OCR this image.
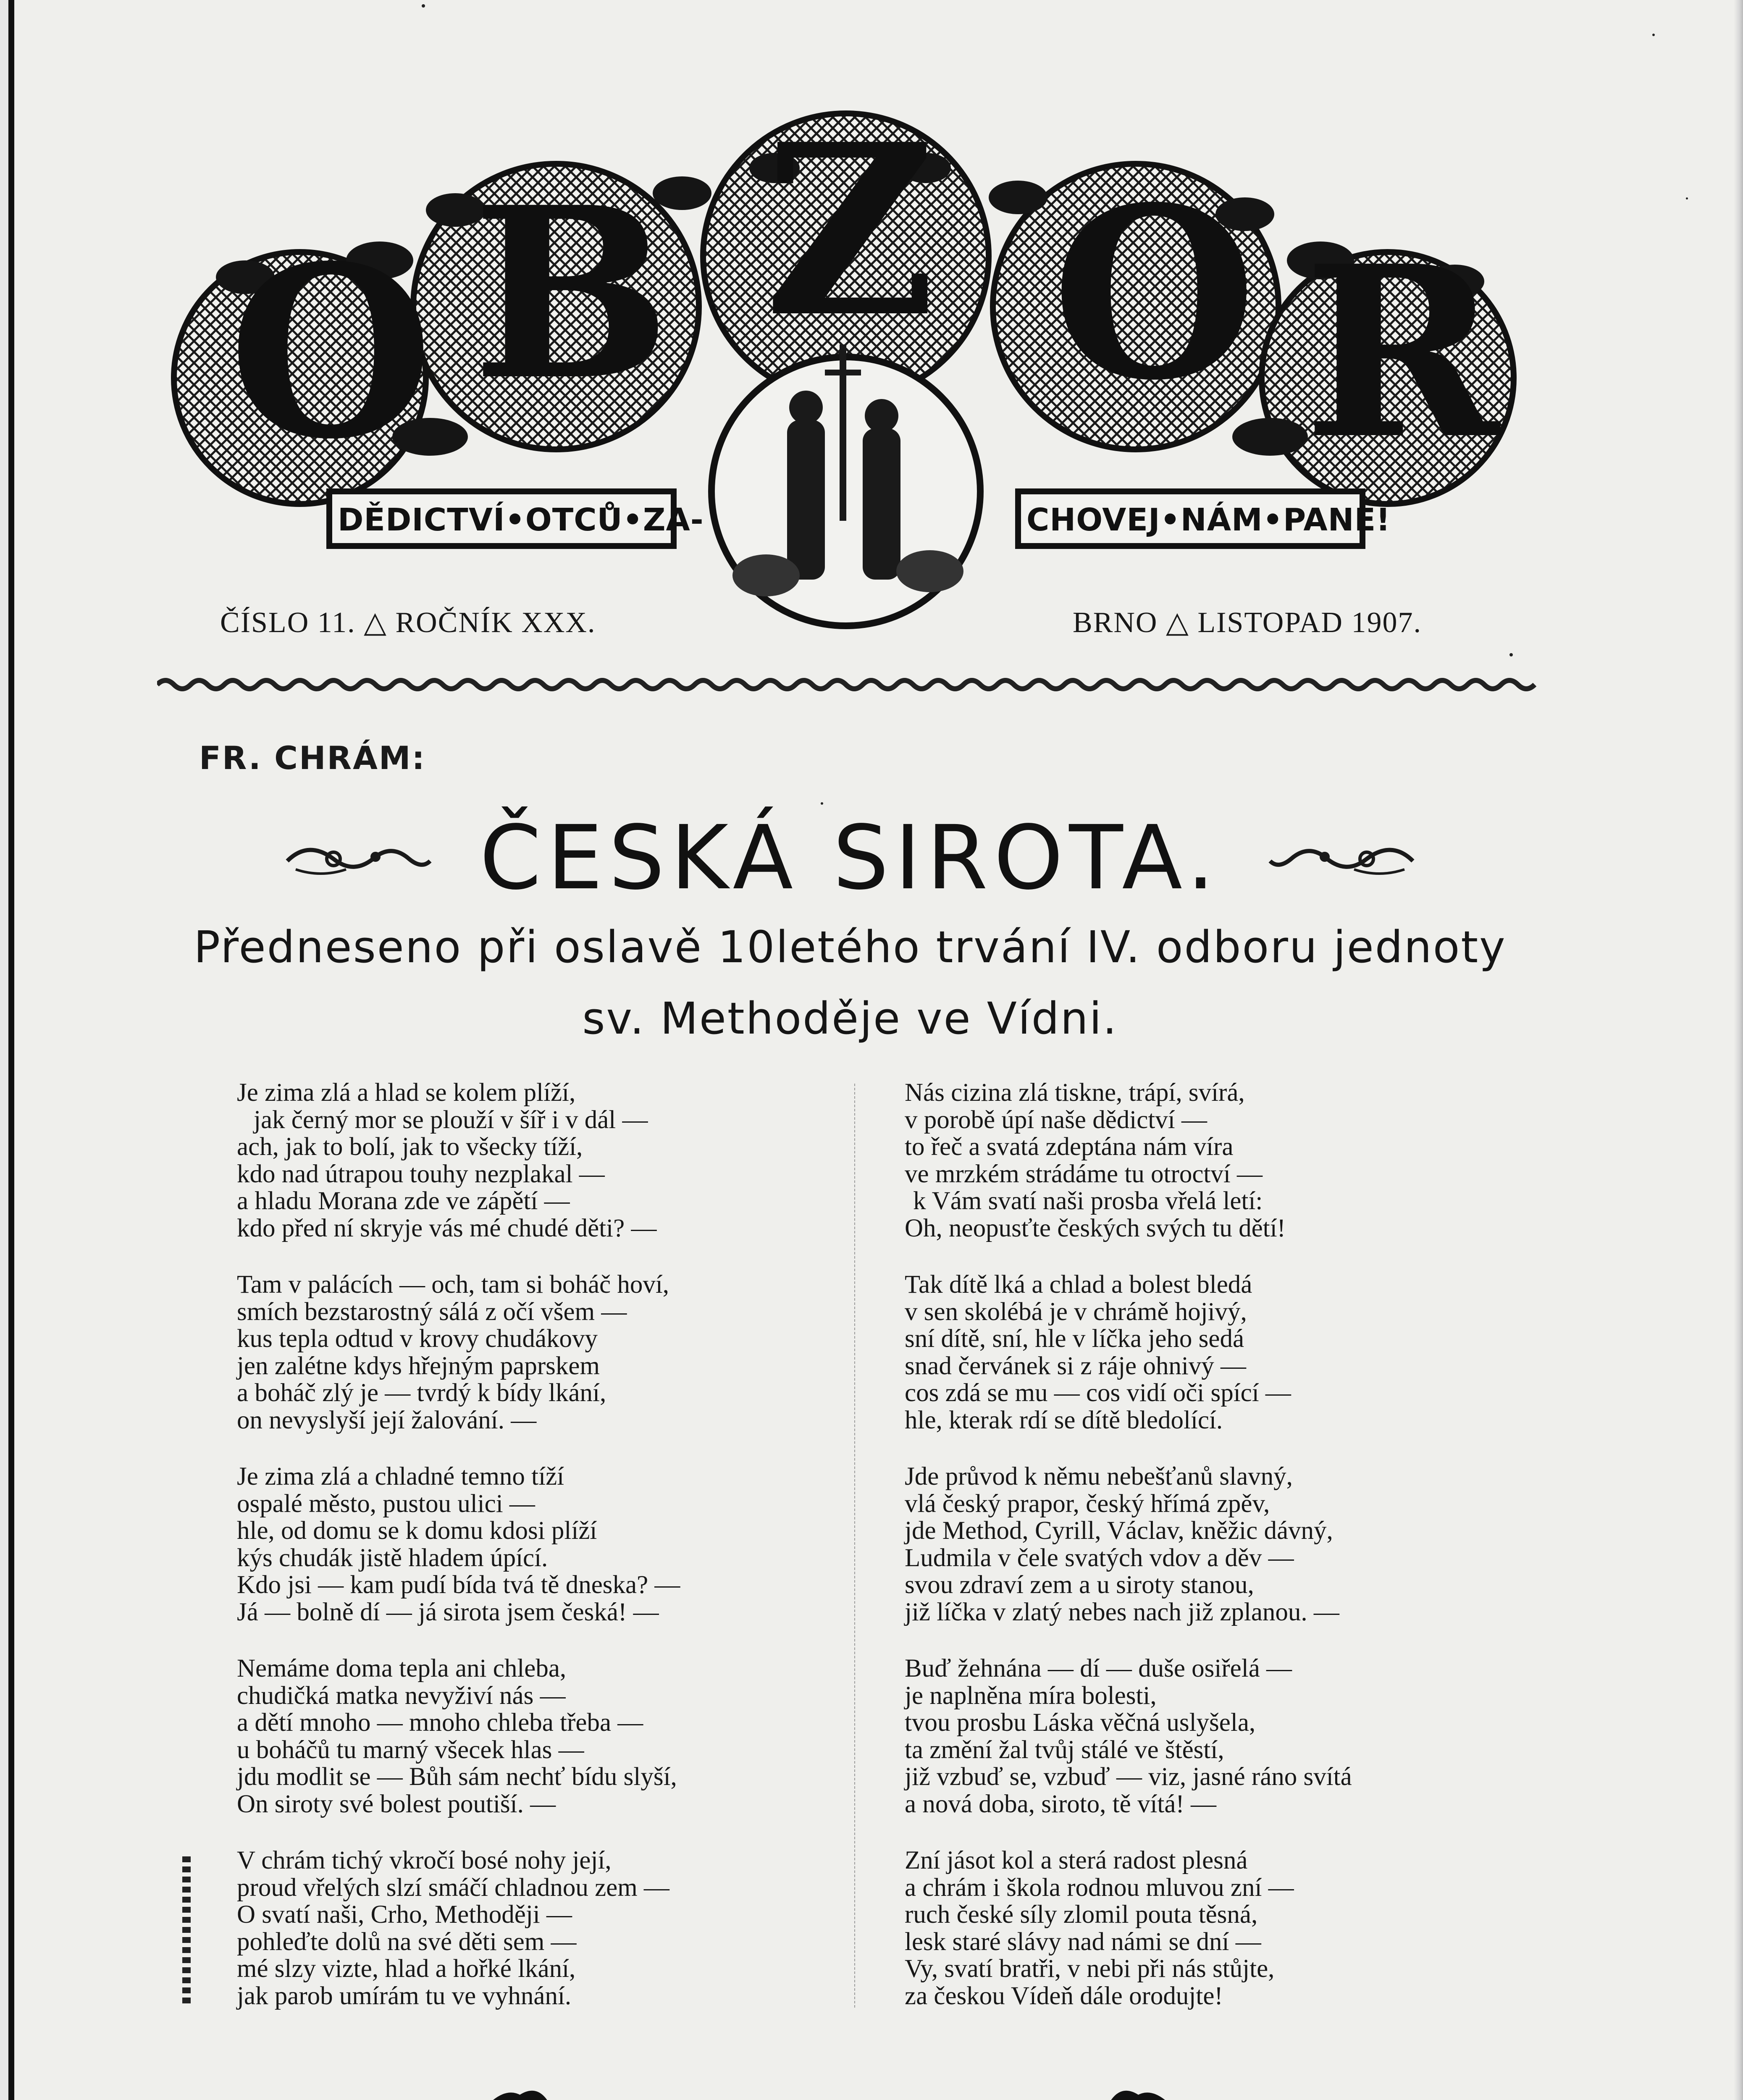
O B Z O R
DĚDICTVÍ•OTCŮ•ZA-	CHOVEJ•NÁM•PANE!
ČÍSLO 11. △ ROČNÍK XXX.	BRNO △ LISTOPAD 1907.
FR. CHRÁM:
ČESKÁ SIROTA.
Předneseno při oslavě 10letého trvání IV. odboru jednoty
sv. Methoděje ve Vídni.
Je zima zlá a hlad se kolem plíží,
jak černý mor se plouží v šíř i v dál —
ach, jak to bolí, jak to všecky tíží,
kdo nad útrapou touhy nezplakal —
a hladu Morana zde ve zápětí —
kdo před ní skryje vás mé chudé děti? —
Tam v palácích — och, tam si boháč hoví,
smích bezstarostný sálá z očí všem —
kus tepla odtud v krovy chudákovy
jen zalétne kdys hřejným paprskem
a boháč zlý je — tvrdý k bídy lkání,
on nevyslyší její žalování. —
Je zima zlá a chladné temno tíží
ospalé město, pustou ulici —
hle, od domu se k domu kdosi plíží
kýs chudák jistě hladem úpící.
Kdo jsi — kam pudí bída tvá tě dneska? —
Já — bolně dí — já sirota jsem česká! —
Nemáme doma tepla ani chleba,
chudičká matka nevyživí nás —
a dětí mnoho — mnoho chleba třeba —
u boháčů tu marný všecek hlas —
jdu modlit se — Bůh sám nechť bídu slyší,
On siroty své bolest poutiší. —
V chrám tichý vkročí bosé nohy její,
proud vřelých slzí smáčí chladnou zem —
O svatí naši, Crho, Methoději —
pohleďte dolů na své děti sem —
mé slzy vizte, hlad a hořké lkání,
jak parob umírám tu ve vyhnání.
Nás cizina zlá tiskne, trápí, svírá,
v porobě úpí naše dědictví —
to řeč a svatá zdeptána nám víra
ve mrzkém strádáme tu otroctví —
k Vám svatí naši prosba vřelá letí:
Oh, neopusťte českých svých tu dětí!
Tak dítě lká a chlad a bolest bledá
v sen skolébá je v chrámě hojivý,
sní dítě, sní, hle v líčka jeho sedá
snad červánek si z ráje ohnivý —
cos zdá se mu — cos vidí oči spící —
hle, kterak rdí se dítě bledolící.
Jde průvod k němu nebešťanů slavný,
vlá český prapor, český hřímá zpěv,
jde Method, Cyrill, Václav, kněžic dávný,
Ludmila v čele svatých vdov a děv —
svou zdraví zem a u siroty stanou,
již líčka v zlatý nebes nach již zplanou. —
Buď žehnána — dí — duše osiřelá —
je naplněna míra bolesti,
tvou prosbu Láska věčná uslyšela,
ta změní žal tvůj stálé ve štěstí,
již vzbuď se, vzbuď — viz, jasné ráno svítá
a nová doba, siroto, tě vítá! —
Zní jásot kol a sterá radost plesná
a chrám i škola rodnou mluvou zní —
ruch české síly zlomil pouta těsná,
lesk staré slávy nad námi se dní —
Vy, svatí bratři, v nebi při nás stůjte,
za českou Vídeň dále orodujte!
